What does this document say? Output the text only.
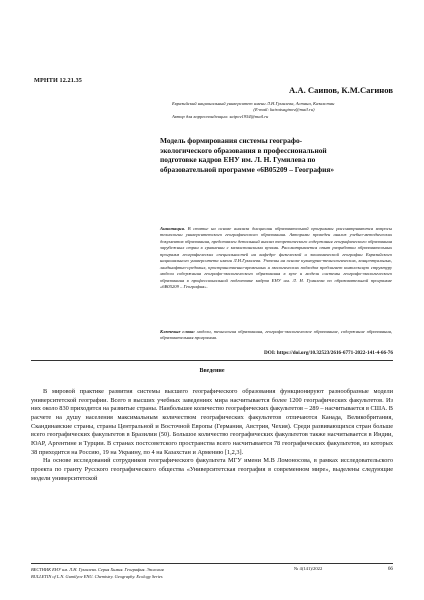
МРНТИ 12.21.35
А.А. Саипов, К.М.Сагинов
Евразийский национальный университет имени Л.Н.Гумилева, Астана, Казахстан
(E-mail: kairatsaginov@mail.ru)
Автор для корреспонденции: saipov1954@mail.ru
Модель формирования системы географо-
экологического образования в профессиональной
подготовке кадров ЕНУ им. Л. Н. Гумилева по
образовательной программе «6В05209 – География»
Аннотация. В статье на основе анализа дисциплин образовательной программы рассматриваются вопросы технологии университетского географического образования. Авторами проведен анализ учебно-методических документов образования, представлен детальный анализ теоретического содержания географического образования зарубежных стран в сравнении с казахстанскими вузами. Рассматривается опыт разработки образовательных программ географических специальностей на кафедре физической и экономической географии Евразийского национального университета имени Л.Н.Гумилева. Учтены на основе культурно-технологических, концептуальных, ландшафтно-средовых, пространственно-временных и экологических подходов предлагает комплексную структуру модели содержания географо-экологического образования в вузе и модели системы географо-экологического образования в профессиональной подготовке кадров ЕНУ им. Л. Н. Гумилева по образовательной программе «6В05209 – География».
Ключевые слова: модели, технология образования, географо-экологическое образование, содержание образования, образовательная программа.
DOI: https://doi.org/10.32523/2616-6771-2022-141-4-66-76
Введение

В мировой практике развития системы высшего географического образования функционируют разнообразные модели университетской географии. Всего в высших учебных заведениях мира насчитывается более 1200 географических факультетов. Из них около 830 приходится на развитые страны. Наибольшее количество географических факультетов – 289 – насчитывается в США. В расчете на душу населения максимальным количеством географических факультетов отличаются Канада, Великобритания, Скандинавские страны, страны Центральной и Восточной Европы (Германия, Австрия, Чехия). Среди развивающихся стран больше всего географических факультетов в Бразилии (50). Большое количество географических факультетов также насчитывается в Индии, ЮАР, Аргентине и Турции. В странах постсоветского пространства всего насчитывается 78 географических факультетов, из которых 38 приходится на Россию, 19 на Украину, по 4 на Казахстан и Армению [1,2,3].

На основе исследований сотрудников географического факультета МГУ имени М.В Ломоносова, в рамках исследовательского проекта по гранту Русского географического общества «Университетская география в современном мире», выделены следующие модели университетской

ВЕСТНИК ЕНУ им. Л.Н. Гумилева. Серия Химия. География. Экология
BULLETIN of L.N. Gumilyov ENU. Chemistry. Geography. Ecology Series
№ 4(141)/2022	66
